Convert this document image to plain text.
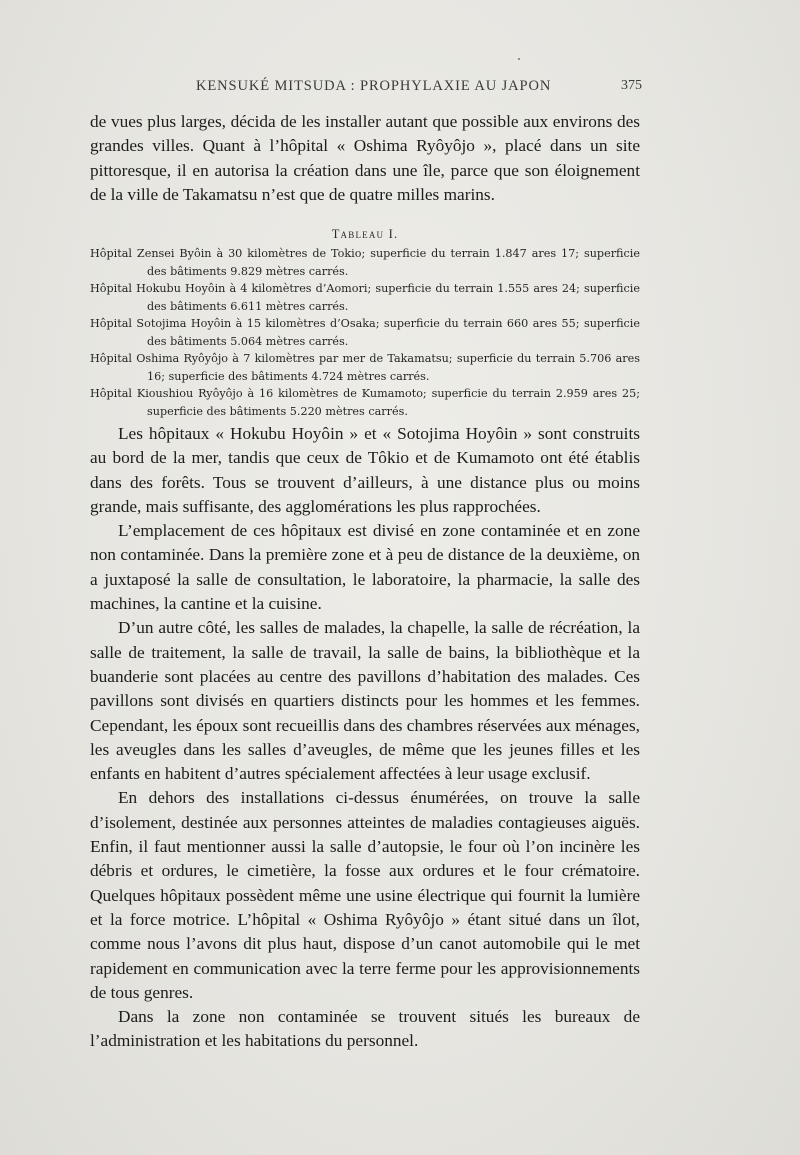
KENSUKÉ MITSUDA : PROPHYLAXIE AU JAPON	375

de vues plus larges, décida de les installer autant que possible aux environs des grandes villes. Quant à l’hôpital « Oshima Ryôyôjo », placé dans un site pittoresque, il en autorisa la création dans une île, parce que son éloignement de la ville de Takamatsu n’est que de quatre milles marins.

Tableau I.
Hôpital Zensei Byôin à 30 kilomètres de Tokio; superficie du terrain 1.847 ares 17; superficie des bâtiments 9.829 mètres carrés.
Hôpital Hokubu Hoyôin à 4 kilomètres d’Aomori; superficie du terrain 1.555 ares 24; superficie des bâtiments 6.611 mètres carrés.
Hôpital Sotojima Hoyôin à 15 kilomètres d’Osaka; superficie du terrain 660 ares 55; superficie des bâtiments 5.064 mètres carrés.
Hôpital Oshima Ryôyôjo à 7 kilomètres par mer de Takamatsu; superficie du terrain 5.706 ares 16; superficie des bâtiments 4.724 mètres carrés.
Hôpital Kioushiou Ryôyôjo à 16 kilomètres de Kumamoto; superficie du terrain 2.959 ares 25; superficie des bâtiments 5.220 mètres carrés.

Les hôpitaux « Hokubu Hoyôin » et « Sotojima Hoyôin » sont construits au bord de la mer, tandis que ceux de Tôkio et de Kumamoto ont été établis dans des forêts. Tous se trouvent d’ailleurs, à une distance plus ou moins grande, mais suffisante, des agglomérations les plus rapprochées.

L’emplacement de ces hôpitaux est divisé en zone contaminée et en zone non contaminée. Dans la première zone et à peu de distance de la deuxième, on a juxtaposé la salle de consultation, le laboratoire, la pharmacie, la salle des machines, la cantine et la cuisine.

D’un autre côté, les salles de malades, la chapelle, la salle de récréation, la salle de traitement, la salle de travail, la salle de bains, la bibliothèque et la buanderie sont placées au centre des pavillons d’habitation des malades. Ces pavillons sont divisés en quartiers distincts pour les hommes et les femmes. Cependant, les époux sont recueillis dans des chambres réservées aux ménages, les aveugles dans les salles d’aveugles, de même que les jeunes filles et les enfants en habitent d’autres spécialement affectées à leur usage exclusif.

En dehors des installations ci-dessus énumérées, on trouve la salle d’isolement, destinée aux personnes atteintes de maladies contagieuses aiguës. Enfin, il faut mentionner aussi la salle d’autopsie, le four où l’on incinère les débris et ordures, le cimetière, la fosse aux ordures et le four crématoire. Quelques hôpitaux possèdent même une usine électrique qui fournit la lumière et la force motrice. L’hôpital « Oshima Ryôyôjo » étant situé dans un îlot, comme nous l’avons dit plus haut, dispose d’un canot automobile qui le met rapidement en communication avec la terre ferme pour les approvisionnements de tous genres.

Dans la zone non contaminée se trouvent situés les bureaux de l’administration et les habitations du personnel.
